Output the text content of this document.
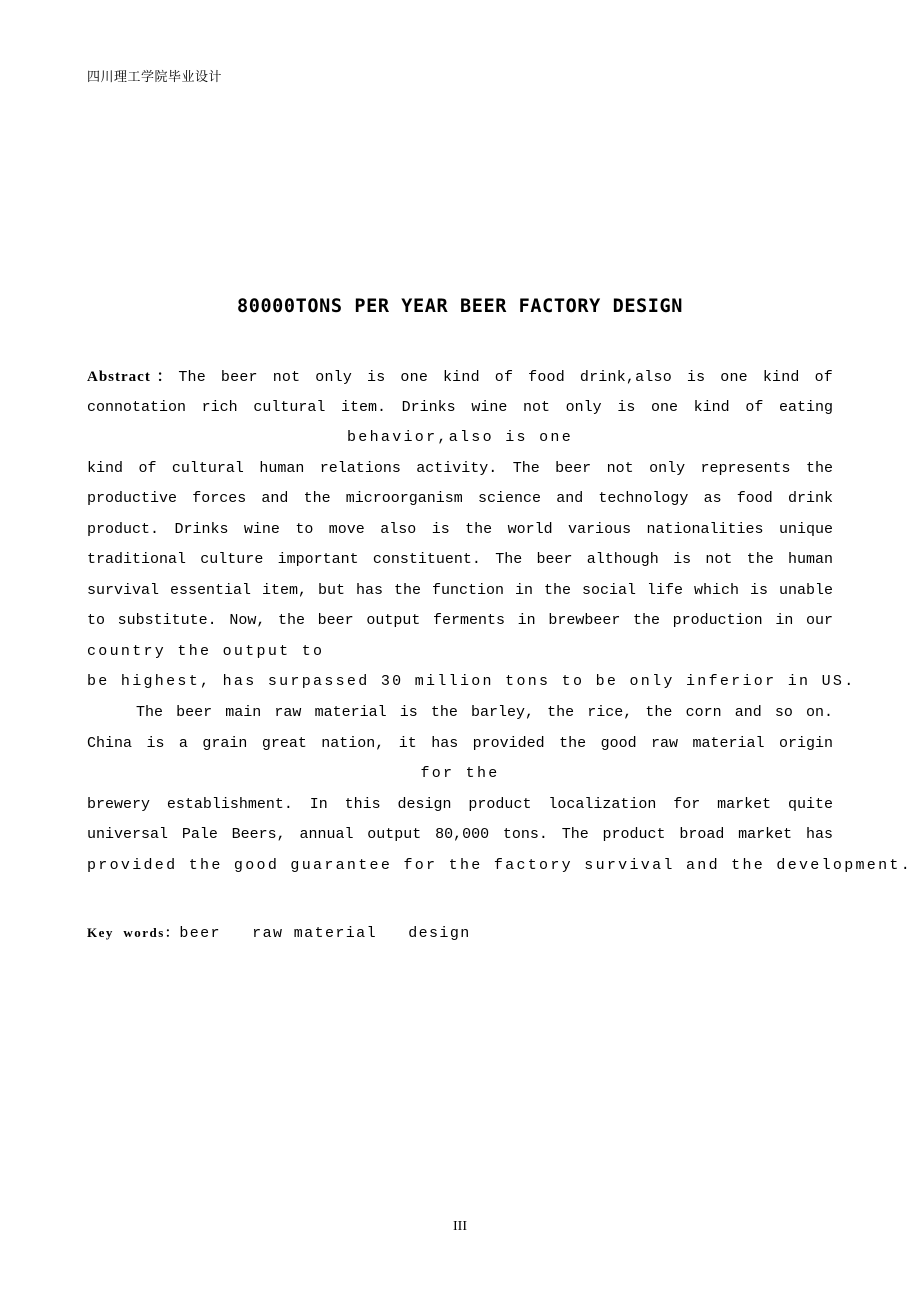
四川理工学院毕业设计
80000TONS PER YEAR BEER FACTORY DESIGN
Abstract：The beer not only is one kind of food drink,also is one kind of
connotation rich cultural item. Drinks wine not only is one kind of eating
behavior,also is one
kind of cultural human relations activity. The beer not only represents the
productive forces and the microorganism science and technology as food drink
product. Drinks wine to move also is the world various nationalities unique
traditional culture important constituent. The beer although is not the human
survival essential item, but has the function in the social life which is unable
to substitute. Now, the beer output ferments in brewbeer the production in our
country the output to
be highest, has surpassed 30 million tons to be only inferior in US.
The beer main raw material is the barley, the rice, the corn and so on.
China is a grain great nation, it has provided the good raw material origin
for the
brewery establishment. In this design product localization for market quite
universal Pale Beers, annual output 80,000 tons. The product broad market has
provided the good guarantee for the factory survival and the development.
Key  words：beer raw material design
III
